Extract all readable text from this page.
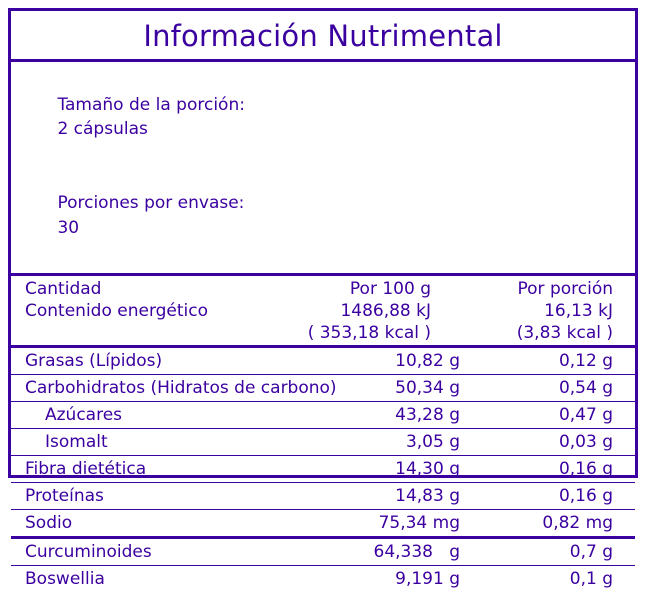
Información Nutrimental

Tamaño de la porción:
2 cápsulas

Porciones por envase:
30

Cantidad	Por 100 g	Por porción
Contenido energético	1486,88 kJ	16,13 kJ
	( 353,18 kcal )	(3,83 kcal )
Grasas (Lípidos)	10,82 g	0,12 g
Carbohidratos (Hidratos de carbono)	50,34 g	0,54 g
Azúcares	43,28 g	0,47 g
Isomalt	3,05 g	0,03 g
Fibra dietética	14,30 g	0,16 g
Proteínas	14,83 g	0,16 g
Sodio	75,34 mg	0,82 mg
Curcuminoides	64,338   g	0,7 g
Boswellia	9,191 g	0,1 g
